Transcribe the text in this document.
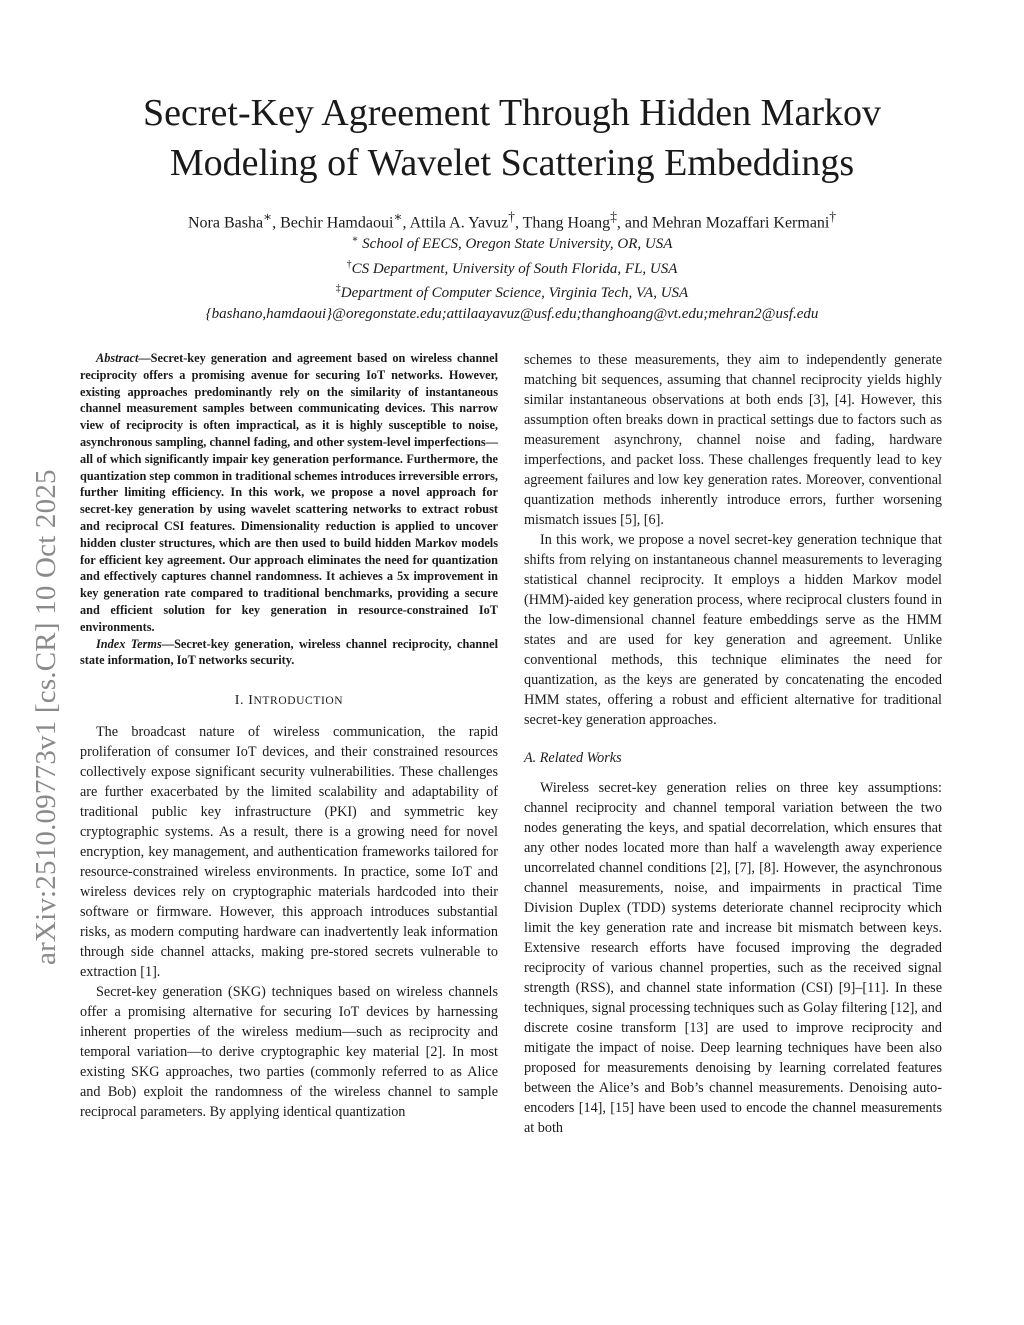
arXiv:2510.09773v1 [cs.CR] 10 Oct 2025
Secret-Key Agreement Through Hidden Markov
Modeling of Wavelet Scattering Embeddings
Nora Basha∗, Bechir Hamdaoui∗, Attila A. Yavuz†, Thang Hoang‡, and Mehran Mozaffari Kermani†
∗ School of EECS, Oregon State University, OR, USA
†CS Department, University of South Florida, FL, USA
‡Department of Computer Science, Virginia Tech, VA, USA
{bashano,hamdaoui}@oregonstate.edu;attilaayavuz@usf.edu;thanghoang@vt.edu;mehran2@usf.edu

Abstract—Secret-key generation and agreement based on wireless channel reciprocity offers a promising avenue for securing IoT networks. However, existing approaches predominantly rely on the similarity of instantaneous channel measurement samples between communicating devices. This narrow view of reciprocity is often impractical, as it is highly susceptible to noise, asynchronous sampling, channel fading, and other system-level imperfections—all of which significantly impair key generation performance. Furthermore, the quantization step common in traditional schemes introduces irreversible errors, further limiting efficiency. In this work, we propose a novel approach for secret-key generation by using wavelet scattering networks to extract robust and reciprocal CSI features. Dimensionality reduction is applied to uncover hidden cluster structures, which are then used to build hidden Markov models for efficient key agreement. Our approach eliminates the need for quantization and effectively captures channel randomness. It achieves a 5x improvement in key generation rate compared to traditional benchmarks, providing a secure and efficient solution for key generation in resource-constrained IoT environments.

Index Terms—Secret-key generation, wireless channel reciprocity, channel state information, IoT networks security.

I. INTRODUCTION

The broadcast nature of wireless communication, the rapid proliferation of consumer IoT devices, and their constrained resources collectively expose significant security vulnerabilities. These challenges are further exacerbated by the limited scalability and adaptability of traditional public key infrastructure (PKI) and symmetric key cryptographic systems. As a result, there is a growing need for novel encryption, key management, and authentication frameworks tailored for resource-constrained wireless environments. In practice, some IoT and wireless devices rely on cryptographic materials hardcoded into their software or firmware. However, this approach introduces substantial risks, as modern computing hardware can inadvertently leak information through side channel attacks, making pre-stored secrets vulnerable to extraction [1].

Secret-key generation (SKG) techniques based on wireless channels offer a promising alternative for securing IoT devices by harnessing inherent properties of the wireless medium—such as reciprocity and temporal variation—to derive cryptographic key material [2]. In most existing SKG approaches, two parties (commonly referred to as Alice and Bob) exploit the randomness of the wireless channel to sample reciprocal parameters. By applying identical quantization

schemes to these measurements, they aim to independently generate matching bit sequences, assuming that channel reciprocity yields highly similar instantaneous observations at both ends [3], [4]. However, this assumption often breaks down in practical settings due to factors such as measurement asynchrony, channel noise and fading, hardware imperfections, and packet loss. These challenges frequently lead to key agreement failures and low key generation rates. Moreover, conventional quantization methods inherently introduce errors, further worsening mismatch issues [5], [6].

In this work, we propose a novel secret-key generation technique that shifts from relying on instantaneous channel measurements to leveraging statistical channel reciprocity. It employs a hidden Markov model (HMM)-aided key generation process, where reciprocal clusters found in the low-dimensional channel feature embeddings serve as the HMM states and are used for key generation and agreement. Unlike conventional methods, this technique eliminates the need for quantization, as the keys are generated by concatenating the encoded HMM states, offering a robust and efficient alternative for traditional secret-key generation approaches.

A. Related Works

Wireless secret-key generation relies on three key assumptions: channel reciprocity and channel temporal variation between the two nodes generating the keys, and spatial decorrelation, which ensures that any other nodes located more than half a wavelength away experience uncorrelated channel conditions [2], [7], [8]. However, the asynchronous channel measurements, noise, and impairments in practical Time Division Duplex (TDD) systems deteriorate channel reciprocity which limit the key generation rate and increase bit mismatch between keys. Extensive research efforts have focused improving the degraded reciprocity of various channel properties, such as the received signal strength (RSS), and channel state information (CSI) [9]–[11]. In these techniques, signal processing techniques such as Golay filtering [12], and discrete cosine transform [13] are used to improve reciprocity and mitigate the impact of noise. Deep learning techniques have been also proposed for measurements denoising by learning correlated features between the Alice’s and Bob’s channel measurements. Denoising auto-encoders [14], [15] have been used to encode the channel measurements at both
